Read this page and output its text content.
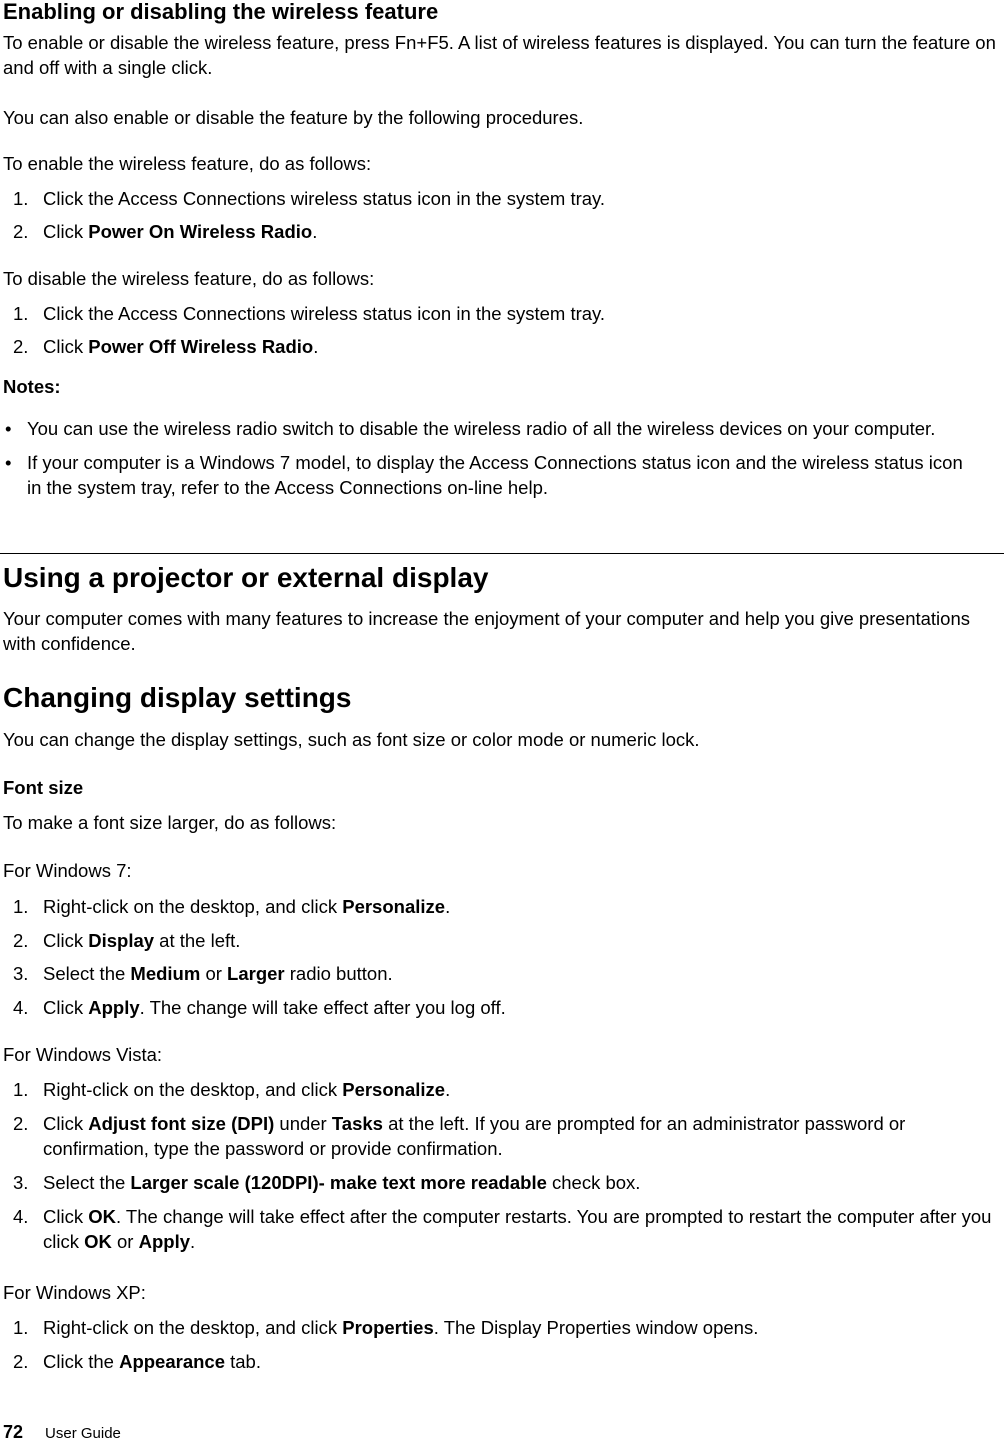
Enabling or disabling the wireless feature

To enable or disable the wireless feature, press Fn+F5. A list of wireless features is displayed. You can turn the feature on and off with a single click.

You can also enable or disable the feature by the following procedures.

To enable the wireless feature, do as follows:

1. Click the Access Connections wireless status icon in the system tray.
2. Click Power On Wireless Radio.

To disable the wireless feature, do as follows:

1. Click the Access Connections wireless status icon in the system tray.
2. Click Power Off Wireless Radio.
Notes:
• You can use the wireless radio switch to disable the wireless radio of all the wireless devices on your computer.
• If your computer is a Windows 7 model, to display the Access Connections status icon and the wireless status icon in the system tray, refer to the Access Connections on-line help.
Using a projector or external display

Your computer comes with many features to increase the enjoyment of your computer and help you give presentations with confidence.

Changing display settings

You can change the display settings, such as font size or color mode or numeric lock.

Font size

To make a font size larger, do as follows:

For Windows 7:

1. Right-click on the desktop, and click Personalize.
2. Click Display at the left.
3. Select the Medium or Larger radio button.
4. Click Apply. The change will take effect after you log off.

For Windows Vista:

1. Right-click on the desktop, and click Personalize.
2. Click Adjust font size (DPI) under Tasks at the left. If you are prompted for an administrator password or confirmation, type the password or provide confirmation.
3. Select the Larger scale (120DPI)- make text more readable check box.
4. Click OK. The change will take effect after the computer restarts. You are prompted to restart the computer after you click OK or Apply.

For Windows XP:

1. Right-click on the desktop, and click Properties. The Display Properties window opens.
2. Click the Appearance tab.
72 User Guide
